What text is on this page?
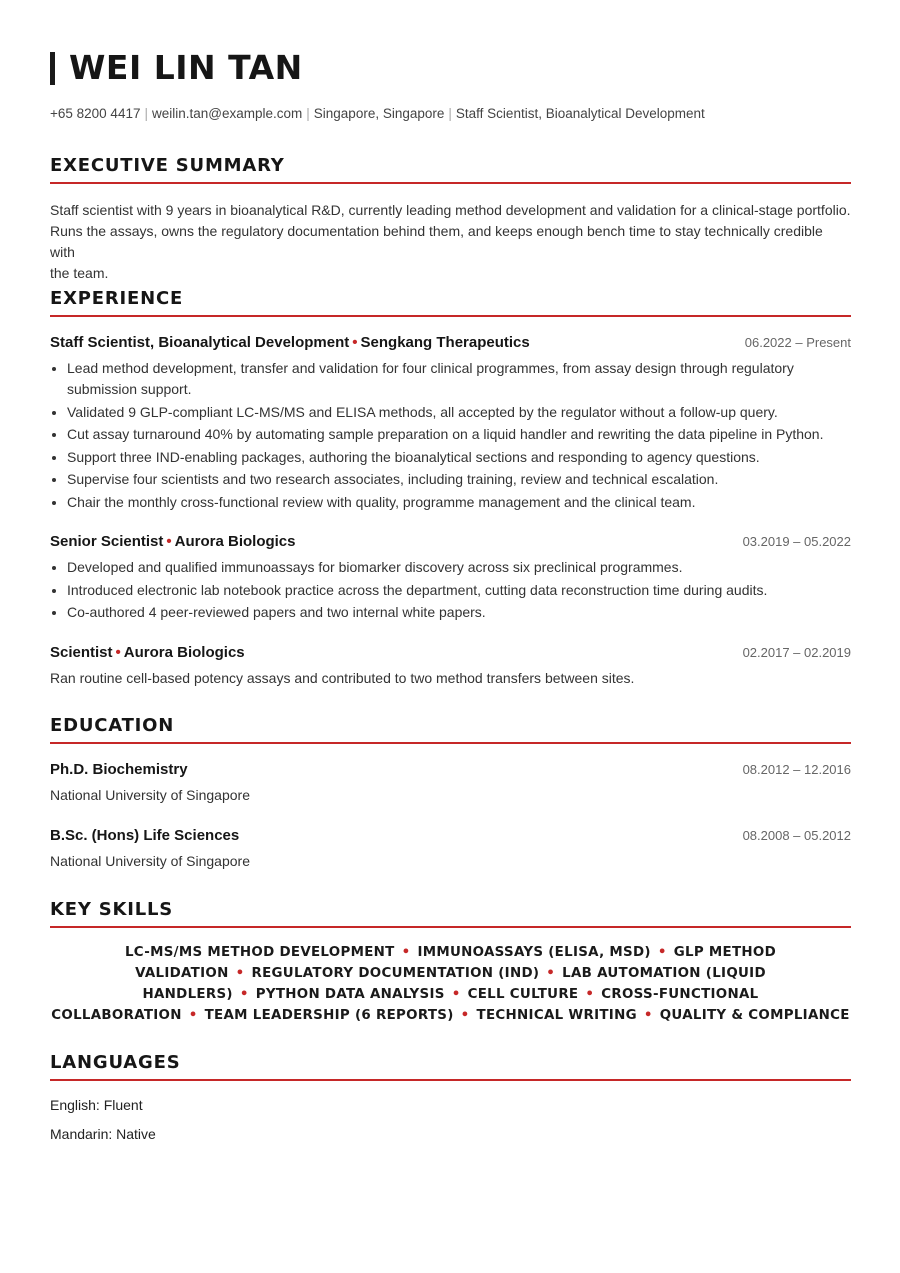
WEI LIN TAN
+65 8200 4417 | weilin.tan@example.com | Singapore, Singapore | Staff Scientist, Bioanalytical Development
EXECUTIVE SUMMARY
Staff scientist with 9 years in bioanalytical R&D, currently leading method development and validation for a clinical-stage portfolio.
Runs the assays, owns the regulatory documentation behind them, and keeps enough bench time to stay technically credible with
the team.
EXPERIENCE
Staff Scientist, Bioanalytical Development • Sengkang Therapeutics	06.2022 – Present
Lead method development, transfer and validation for four clinical programmes, from assay design through regulatory submission support.
Validated 9 GLP-compliant LC-MS/MS and ELISA methods, all accepted by the regulator without a follow-up query.
Cut assay turnaround 40% by automating sample preparation on a liquid handler and rewriting the data pipeline in Python.
Support three IND-enabling packages, authoring the bioanalytical sections and responding to agency questions.
Supervise four scientists and two research associates, including training, review and technical escalation.
Chair the monthly cross-functional review with quality, programme management and the clinical team.
Senior Scientist • Aurora Biologics	03.2019 – 05.2022
Developed and qualified immunoassays for biomarker discovery across six preclinical programmes.
Introduced electronic lab notebook practice across the department, cutting data reconstruction time during audits.
Co-authored 4 peer-reviewed papers and two internal white papers.
Scientist • Aurora Biologics	02.2017 – 02.2019
Ran routine cell-based potency assays and contributed to two method transfers between sites.
EDUCATION
Ph.D. Biochemistry	08.2012 – 12.2016
National University of Singapore
B.Sc. (Hons) Life Sciences	08.2008 – 05.2012
National University of Singapore
KEY SKILLS
LC-MS/MS METHOD DEVELOPMENT • IMMUNOASSAYS (ELISA, MSD) • GLP METHOD VALIDATION • REGULATORY DOCUMENTATION (IND) • LAB AUTOMATION (LIQUID HANDLERS) • PYTHON DATA ANALYSIS • CELL CULTURE • CROSS-FUNCTIONAL COLLABORATION • TEAM LEADERSHIP (6 REPORTS) • TECHNICAL WRITING • QUALITY & COMPLIANCE
LANGUAGES
English: Fluent
Mandarin: Native
